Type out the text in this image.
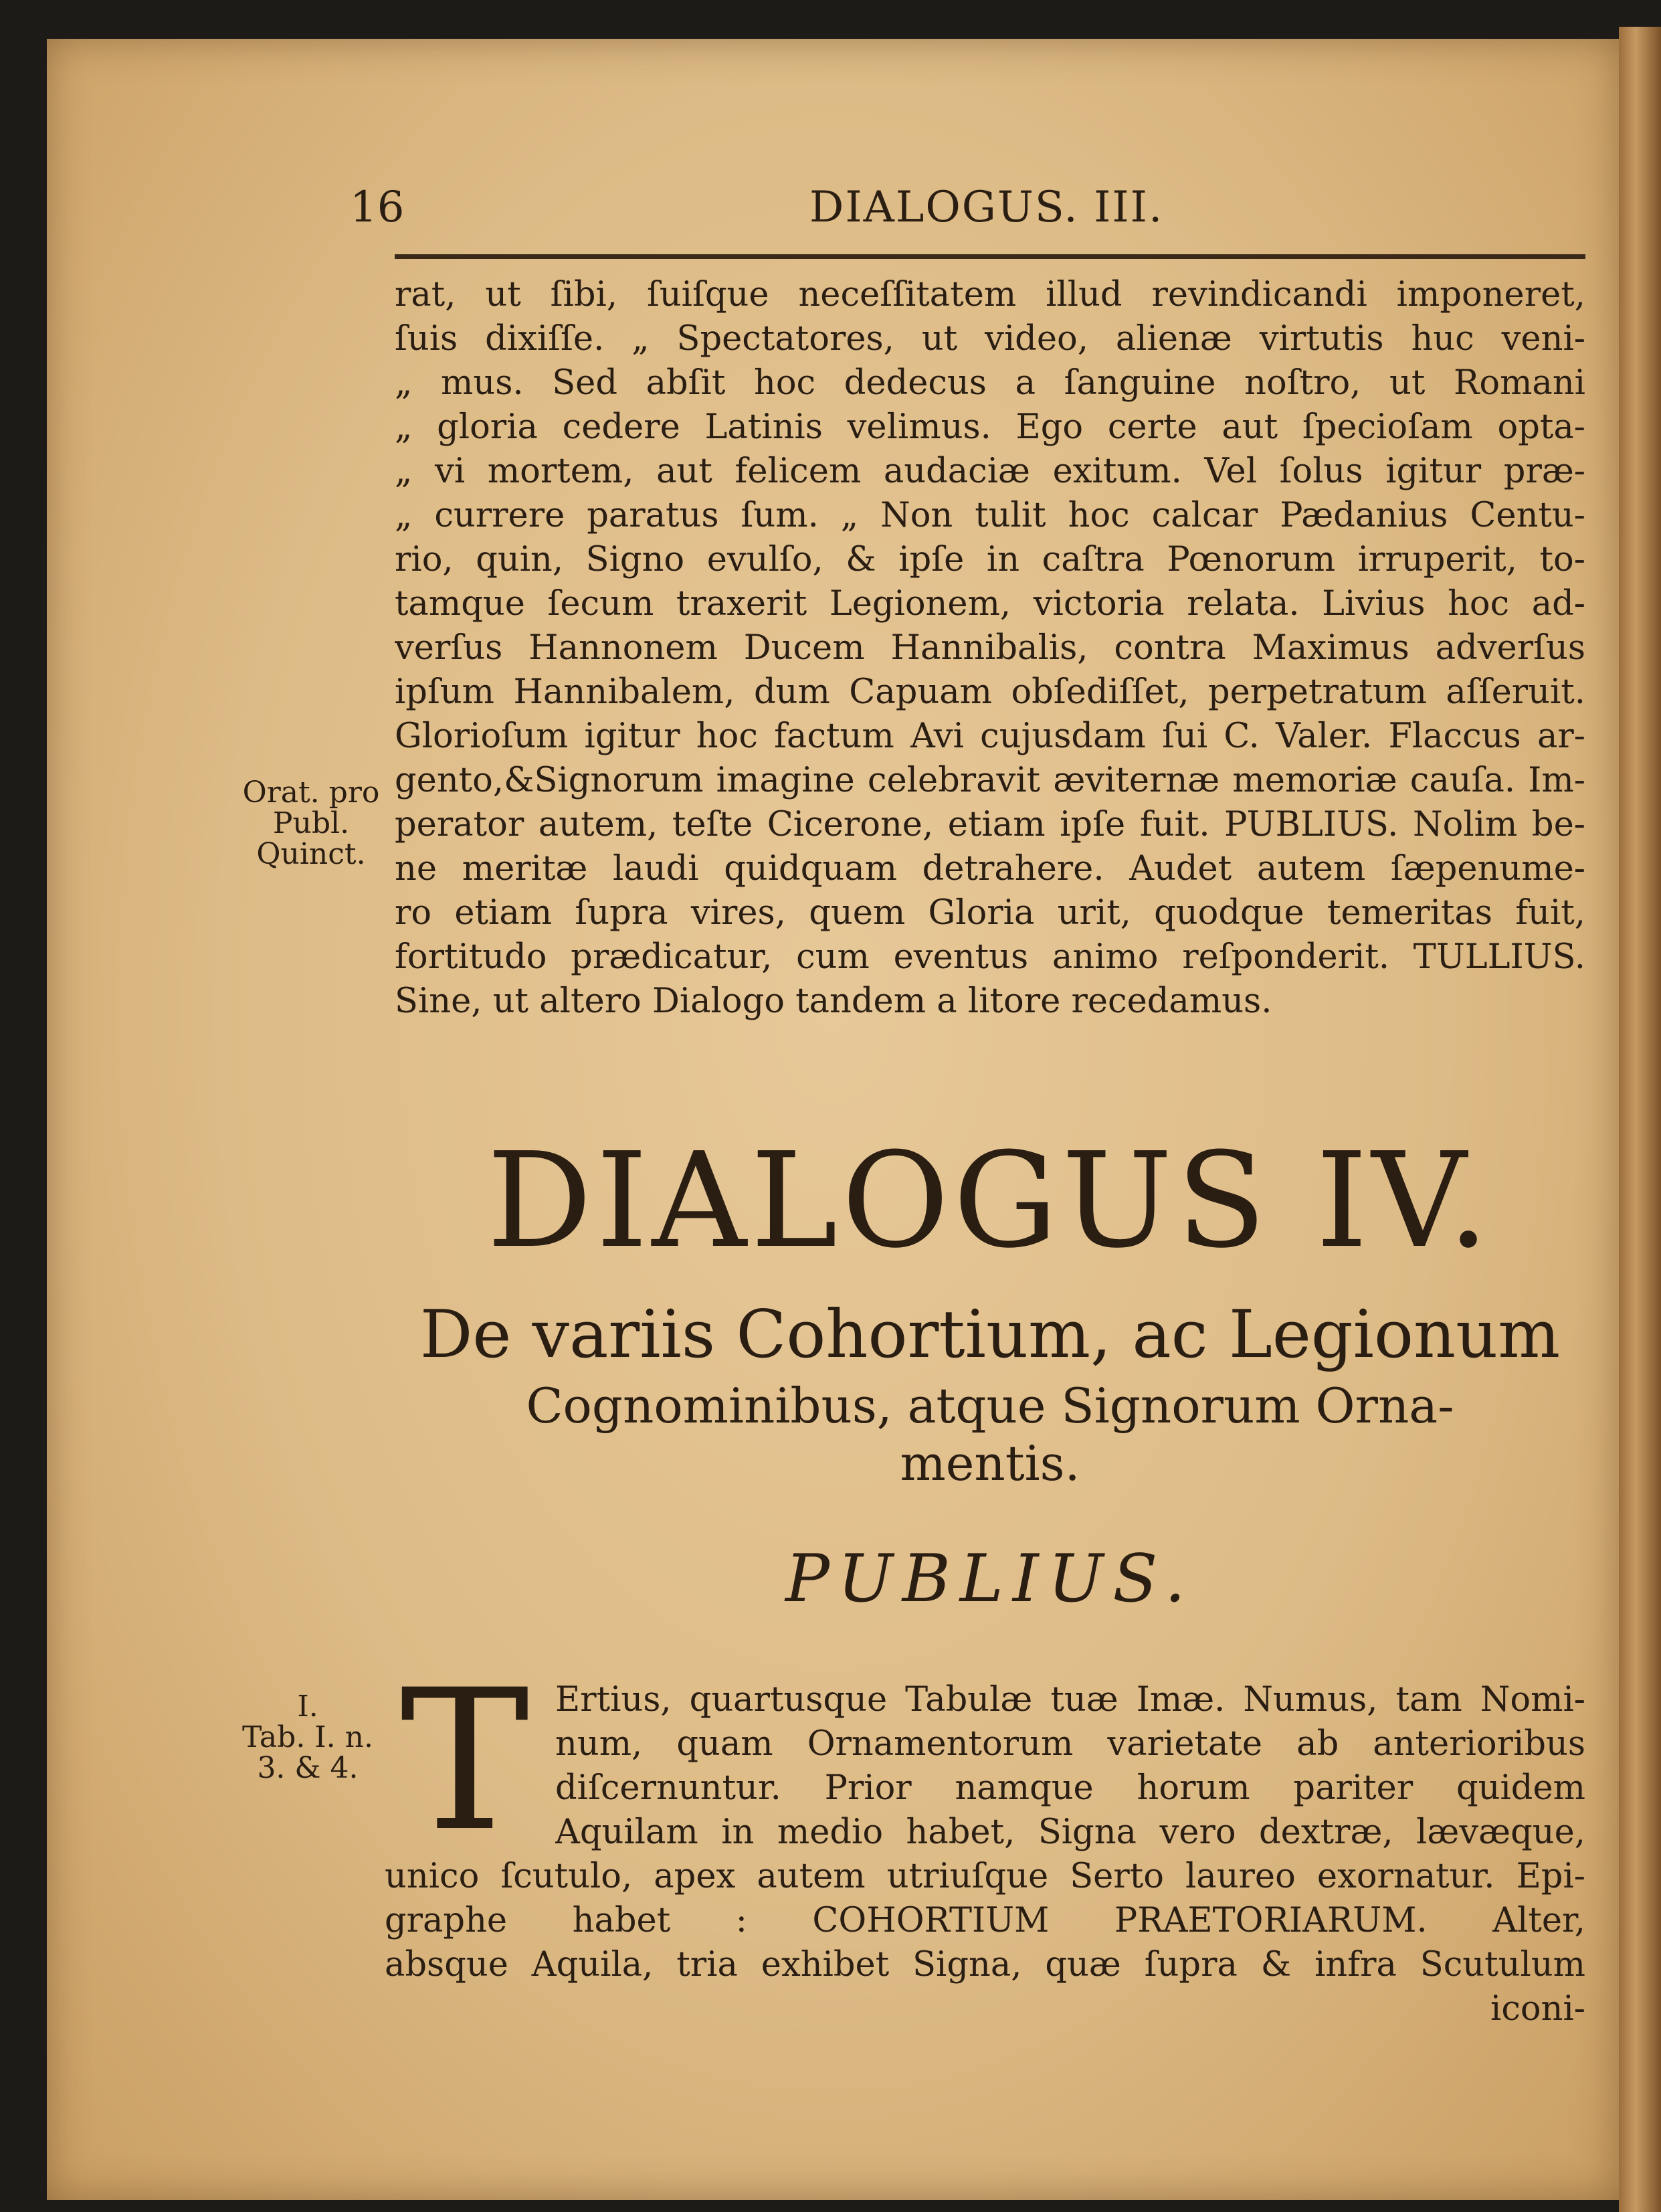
16	DIALOGUS. III.
rat, ut ſibi, ſuiſque neceſſitatem illud revindicandi imponeret,
ſuis dixiſſe. „ Spectatores, ut video, alienæ virtutis huc veni-
„ mus. Sed abſit hoc dedecus a ſanguine noſtro, ut Romani
„ gloria cedere Latinis velimus. Ego certe aut ſpecioſam opta-
„ vi mortem, aut felicem audaciæ exitum. Vel ſolus igitur præ-
„ currere paratus ſum. „ Non tulit hoc calcar Pædanius Centu-
rio, quin, Signo evulſo, & ipſe in caſtra Pœnorum irruperit, to-
tamque ſecum traxerit Legionem, victoria relata. Livius hoc ad-
verſus Hannonem Ducem Hannibalis, contra Maximus adverſus
ipſum Hannibalem, dum Capuam obſediſſet, perpetratum aſſeruit.
Glorioſum igitur hoc factum Avi cujusdam ſui C. Valer. Flaccus ar-
gento,&Signorum imagine celebravit æviternæ memoriæ cauſa. Im-
perator autem, teſte Cicerone, etiam ipſe fuit. PUBLIUS. Nolim be-
ne meritæ laudi quidquam detrahere. Audet autem ſæpenume-
ro etiam ſupra vires, quem Gloria urit, quodque temeritas fuit,
fortitudo prædicatur, cum eventus animo reſponderit. TULLIUS.
Sine, ut altero Dialogo tandem a litore recedamus.
Orat. pro
Publ.
Quinct.
DIALOGUS IV.
De variis Cohortium, ac Legionum
Cognominibus, atque Signorum Orna-
mentis.
PUBLIUS.
I.
Tab. I. n.
3. & 4. T Ertius, quartusque Tabulæ tuæ Imæ. Numus, tam Nomi-
num, quam Ornamentorum varietate ab anterioribus
diſcernuntur. Prior namque horum pariter quidem
Aquilam in medio habet, Signa vero dextræ, lævæque,
unico ſcutulo, apex autem utriuſque Serto laureo exornatur. Epi-
graphe habet : COHORTIUM PRAETORIARUM. Alter,
absque Aquila, tria exhibet Signa, quæ ſupra & infra Scutulum
iconi-
